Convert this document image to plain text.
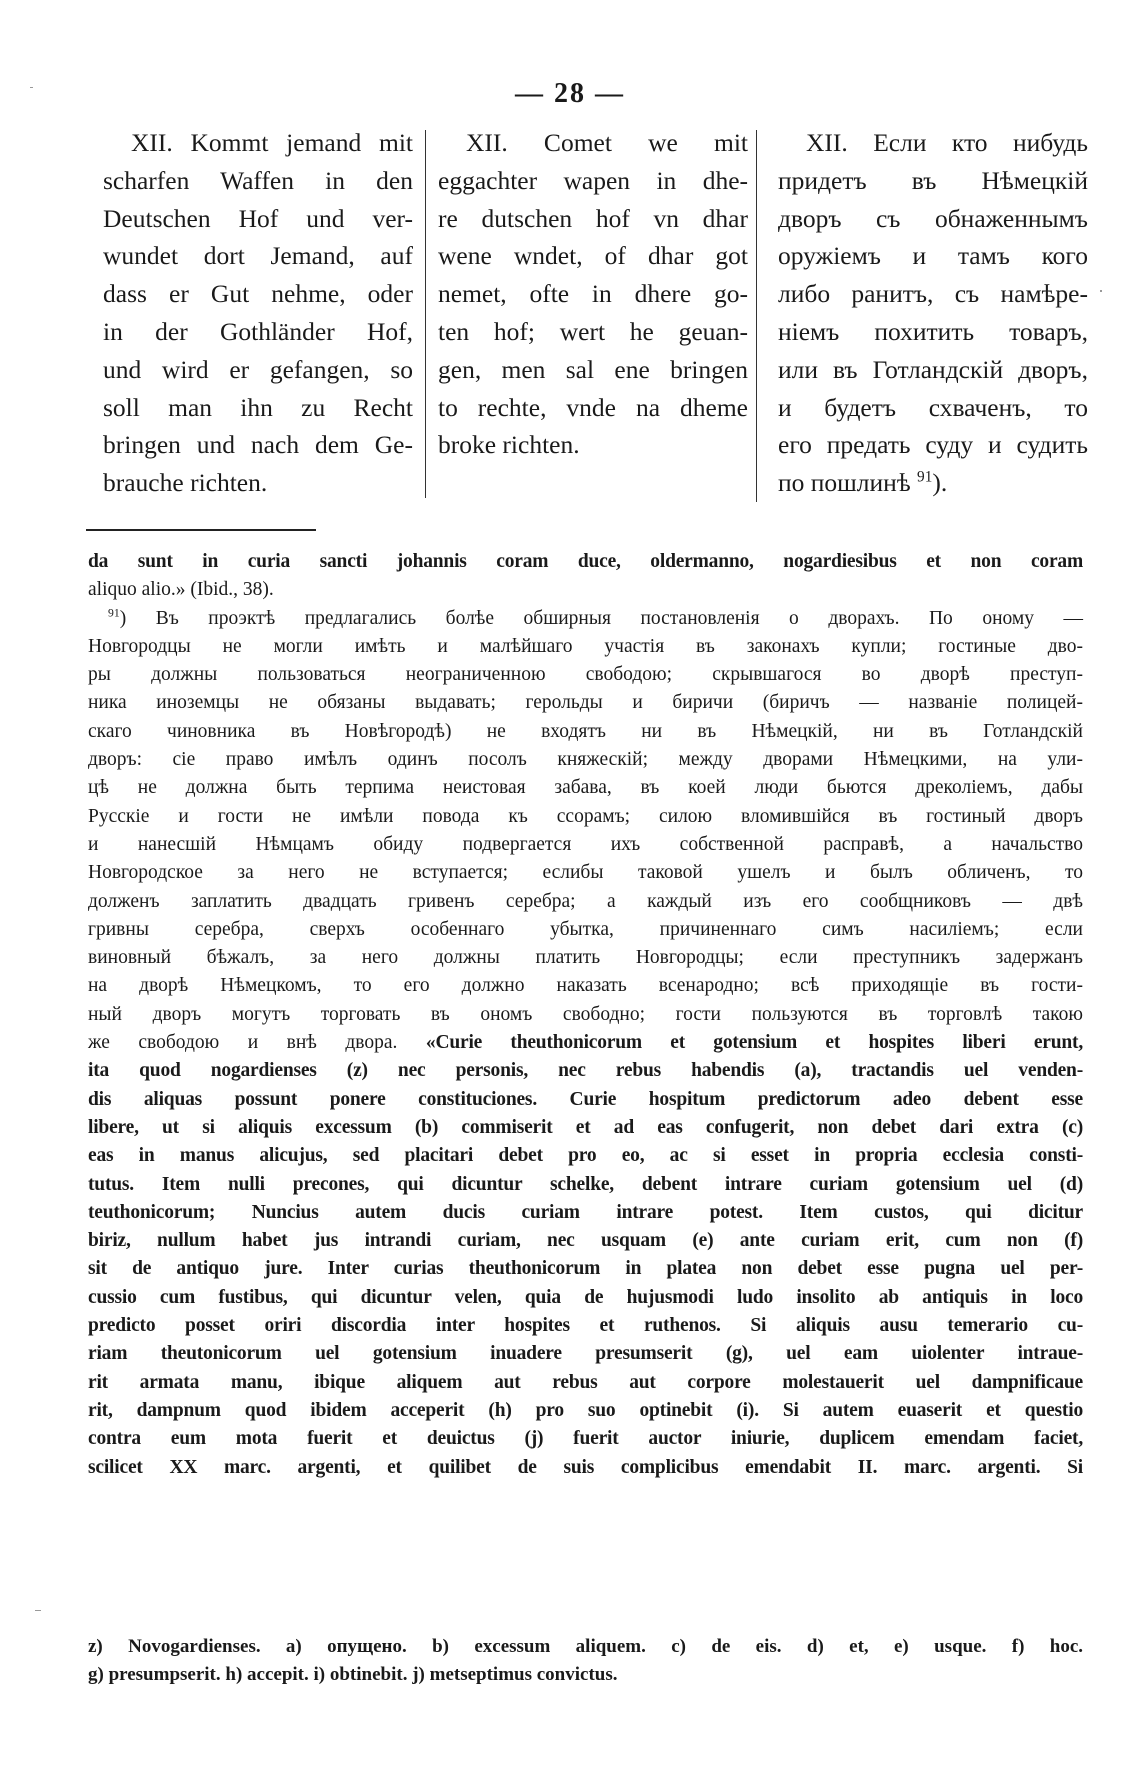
— 28 —
XII. Kommt jemand mit
scharfen Waffen in den
Deutschen Hof und ver-
wundet dort Jemand, auf
dass er Gut nehme, oder
in der Gothländer Hof,
und wird er gefangen, so
soll man ihn zu Recht
bringen und nach dem Ge-
brauche richten.
XII. Comet we mit
eggachter wapen in dhe-
re dutschen hof vn dhar
wene wndet, of dhar got
nemet, ofte in dhere go-
ten hof; wert he geuan-
gen, men sal ene bringen
to rechte, vnde na dheme
broke richten.
XII. Если кто нибудь
придетъ въ Нѣмецкій
дворъ съ обнаженнымъ
оружіемъ и тамъ кого
либо ранитъ, съ намѣре-
ніемъ похитить товаръ,
или въ Готландскій дворъ,
и будетъ схваченъ, то
его предать суду и судить
по пошлинѣ $^{91}$).
da sunt in curia sancti johannis coram duce, oldermanno, nogardiesibus et non coram
aliquo alio.» (Ibid., 38).
$^{91}$) Въ проэктѣ предлагались болѣе обширныя постановленія о дворахъ. По оному —
Новгородцы не могли имѣть и малѣйшаго участія въ законахъ купли; гостиные дво-
ры должны пользоваться неограниченною свободою; скрывшагося во дворѣ преступ-
ника иноземцы не обязаны выдавать; герольды и биричи (биричъ — названіе полицей-
скаго чиновника въ Новѣгородѣ) не входятъ ни въ Нѣмецкій, ни въ Готландскій
дворъ: сіе право имѣлъ одинъ посолъ княжескій; между дворами Нѣмецкими, на ули-
цѣ не должна быть терпима неистовая забава, въ коей люди бьются дреколіемъ, дабы
Русскіе и гости не имѣли повода къ ссорамъ; силою вломившійся въ гостиный дворъ
и нанесшій Нѣмцамъ обиду подвергается ихъ собственной расправѣ, а начальство
Новгородское за него не вступается; еслибы таковой ушелъ и былъ обличенъ, то
долженъ заплатить двадцать гривенъ серебра; а каждый изъ его сообщниковъ — двѣ
гривны серебра, сверхъ особеннаго убытка, причиненнаго симъ насиліемъ; если
виновный бѣжалъ, за него должны платить Новгородцы; если преступникъ задержанъ
на дворѣ Нѣмецкомъ, то его должно наказать всенародно; всѣ приходящіе въ гости-
ный дворъ могутъ торговать въ ономъ свободно; гости пользуются въ торговлѣ такою
же свободою и внѣ двора. «Curie theuthonicorum et gotensium et hospites liberi erunt,
ita quod nogardienses (z) nec personis, nec rebus habendis (a), tractandis uel venden-
dis aliquas possunt ponere constituciones. Curie hospitum predictorum adeo debent esse
libere, ut si aliquis excessum (b) commiserit et ad eas confugerit, non debet dari extra (c)
eas in manus alicujus, sed placitari debet pro eo, ac si esset in propria ecclesia consti-
tutus. Item nulli precones, qui dicuntur schelke, debent intrare curiam gotensium uel (d)
teuthonicorum; Nuncius autem ducis curiam intrare potest. Item custos, qui dicitur
biriz, nullum habet jus intrandi curiam, nec usquam (e) ante curiam erit, cum non (f)
sit de antiquo jure. Inter curias theuthonicorum in platea non debet esse pugna uel per-
cussio cum fustibus, qui dicuntur velen, quia de hujusmodi ludo insolito ab antiquis in loco
predicto posset oriri discordia inter hospites et ruthenos. Si aliquis ausu temerario cu-
riam theutonicorum uel gotensium inuadere presumserit (g), uel eam uiolenter intraue-
rit armata manu, ibique aliquem aut rebus aut corpore molestauerit uel dampnificaue
rit, dampnum quod ibidem acceperit (h) pro suo optinebit (i). Si autem euaserit et questio
contra eum mota fuerit et deuictus (j) fuerit auctor iniurie, duplicem emendam faciet,
scilicet XX marc. argenti, et quilibet de suis complicibus emendabit II. marc. argenti. Si
z) Novogardienses. a) опущено. b) excessum aliquem. c) de eis. d) et, e) usque. f) hoc.
g) presumpserit. h) accepit. i) obtinebit. j) metseptimus convictus.
